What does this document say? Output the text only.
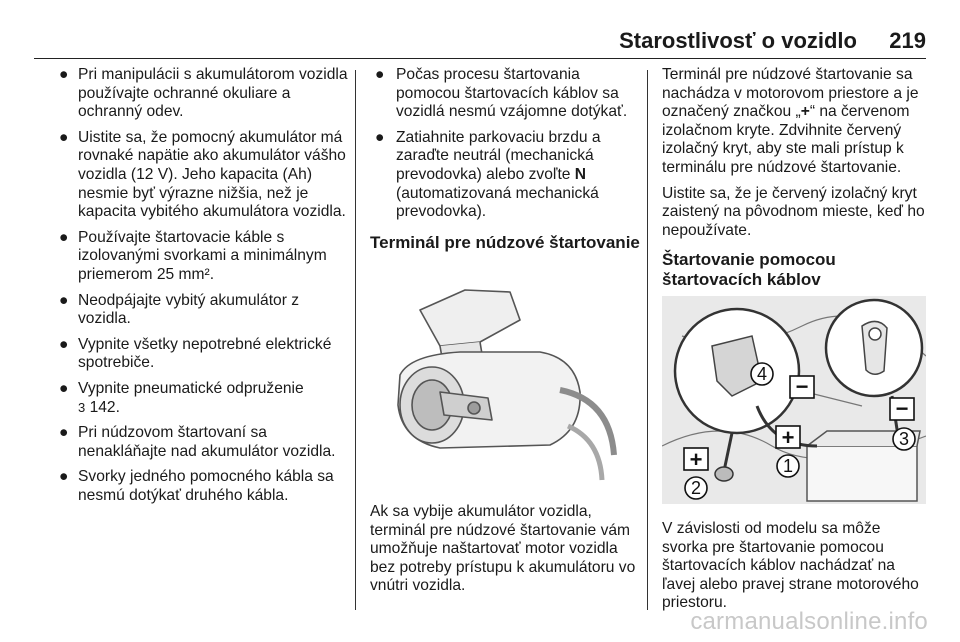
Starostlivosť o vozidlo 219
● Pri manipulácii s akumulátorom vozidla používajte ochranné okuliare a ochranný odev.
● Uistite sa, že pomocný akumulátor má rovnaké napätie ako akumulátor vášho vozidla (12 V). Jeho kapacita (Ah) nesmie byť výrazne nižšia, než je kapacita vybitého akumulátora vozidla.
● Používajte štartovacie káble s izolovanými svorkami a minimálnym priemerom 25 mm².
● Neodpájajte vybitý akumulátor z vozidla.
● Vypnite všetky nepotrebné elektrické spotrebiče.
● Vypnite pneumatické odpruženie
3 142.
● Pri núdzovom štartovaní sa nenakláňajte nad akumulátor vozidla.
● Svorky jedného pomocného kábla sa nesmú dotýkať druhého kábla.
● Počas procesu štartovania pomocou štartovacích káblov sa vozidlá nesmú vzájomne dotýkať.
● Zatiahnite parkovaciu brzdu a zaraďte neutrál (mechanická prevodovka) alebo zvoľte N (automatizovaná mechanická prevodovka).
Terminál pre núdzové štartovanie

Ak sa vybije akumulátor vozidla, terminál pre núdzové štartovanie vám umožňuje naštartovať motor vozidla bez potreby prístupu k akumulátoru vo vnútri vozidla.

Terminál pre núdzové štartovanie sa nachádza v motorovom priestore a je označený značkou „+“ na červenom izolačnom kryte. Zdvihnite červený izolačný kryt, aby ste mali prístup k terminálu pre núdzové štartovanie.

Uistite sa, že je červený izolačný kryt zaistený na pôvodnom mieste, keď ho nepoužívate.

Štartovanie pomocou štartovacích káblov
4
1
2
3
−
−
+
+

V závislosti od modelu sa môže svorka pre štartovanie pomocou štartovacích káblov nachádzať na ľavej alebo pravej strane motorového priestoru.

carmanualsonline.info
